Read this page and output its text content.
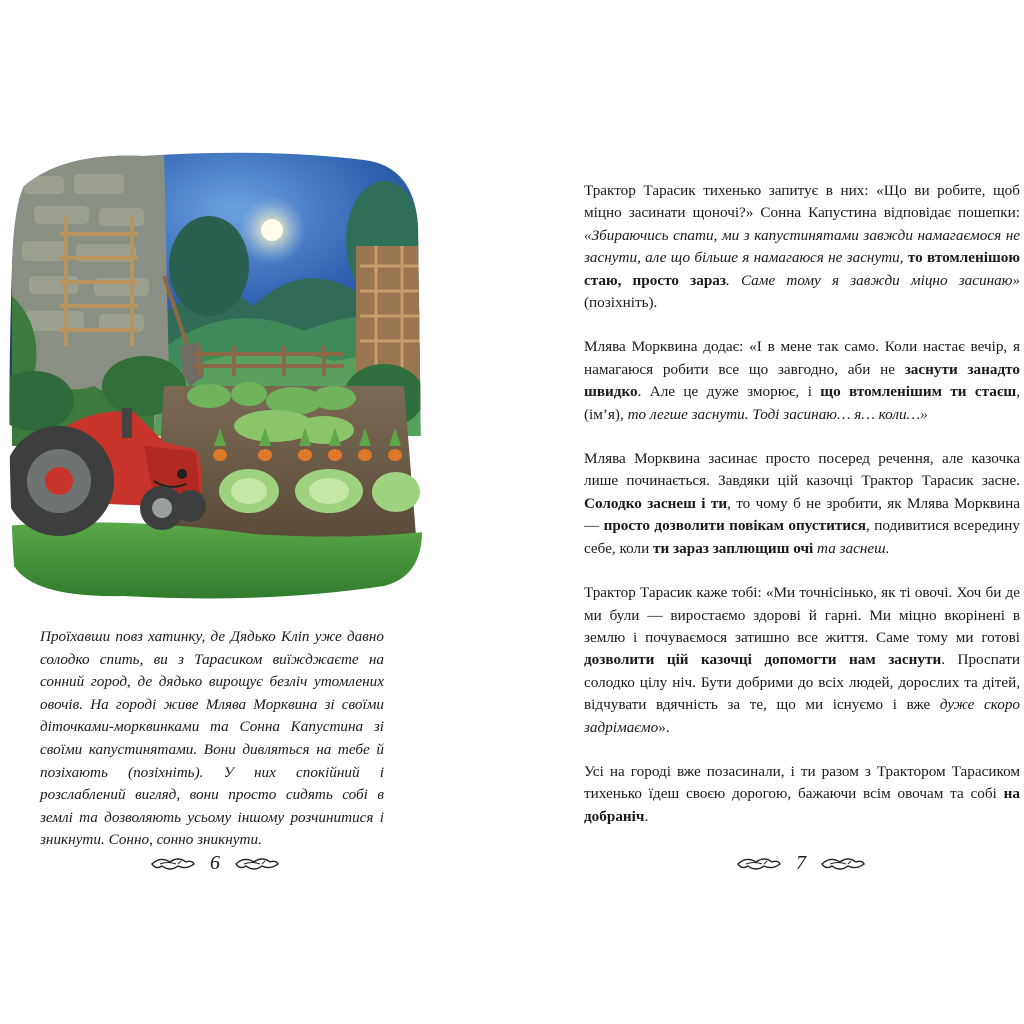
Проїхавши повз хатинку, де Дядько Кліп уже давно солодко спить, ви з Тарасиком виїжджаєте на сонний город, де дядько вирощує безліч утомлених овочів. На городі живе Млява Морквина зі своїми діточками-морквинками та Сонна Капустина зі своїми капустинятами. Вони дивляться на тебе й позіхають (позіхніть). У них спокійний і розслаблений вигляд, вони просто сидять собі в землі та дозволяють усьому іншому розчинитися і зникнути. Сонно, сонно зникнути.

6

Трактор Тарасик тихенько запитує в них: «Що ви робите, щоб міцно засинати щоночі?» Сонна Капустина відповідає пошепки: «Збираючись спати, ми з капустинятами завжди намагаємося не заснути, але що більше я намагаюся не заснути, то втомленішою стаю, просто зараз. Саме тому я завжди міцно засинаю» (позіхніть).

Млява Морквина додає: «І в мене так само. Коли настає вечір, я намагаюся робити все що завгодно, аби не заснути занадто швидко. Але це дуже зморює, і що втомленішим ти стаєш, (ім’я), то легше заснути. Тоді засинаю… я… коли…»

Млява Морквина засинає просто посеред речення, але казочка лише починається. Завдяки цій казочці Трактор Тарасик засне. Солодко заснеш і ти, то чому б не зробити, як Млява Морквина — просто дозволити повікам опуститися, подивитися всередину себе, коли ти зараз заплющиш очі та заснеш.

Трактор Тарасик каже тобі: «Ми точнісінько, як ті овочі. Хоч би де ми були — виростаємо здорові й гарні. Ми міцно вкорінені в землю і почуваємося затишно все життя. Саме тому ми готові дозволити цій казочці допомогти нам заснути. Проспати солодко цілу ніч. Бути добрими до всіх людей, дорослих та дітей, відчувати вдячність за те, що ми існуємо і вже дуже скоро задрімаємо».

Усі на городі вже позасинали, і ти разом з Трактором Тарасиком тихенько їдеш своєю дорогою, бажаючи всім овочам та собі на добраніч.

7
